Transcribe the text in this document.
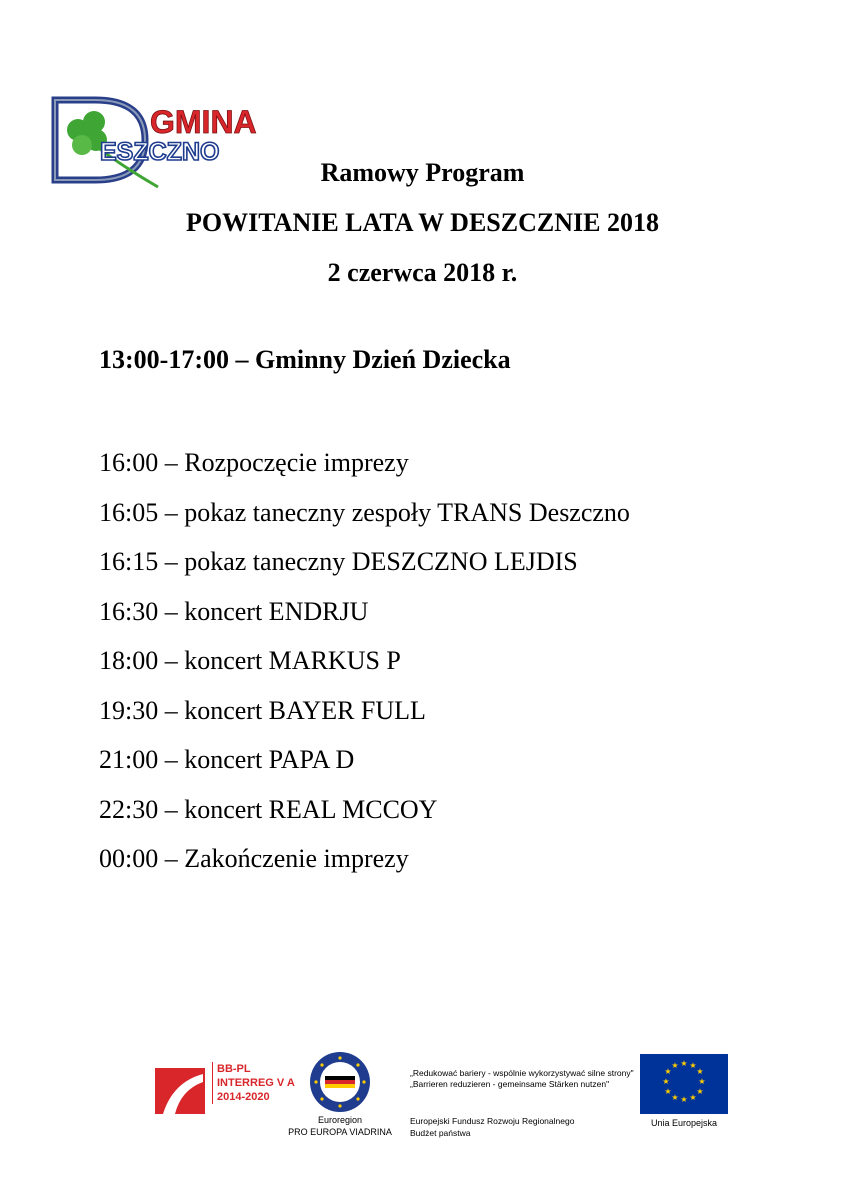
GMINA
ESZCZNO
Ramowy Program
POWITANIE LATA W DESZCZNIE 2018
2 czerwca 2018 r.
13:00-17:00 – Gminny Dzień Dziecka
16:00 – Rozpoczęcie imprezy
16:05 – pokaz taneczny zespoły TRANS Deszczno
16:15 – pokaz taneczny DESZCZNO LEJDIS
16:30 – koncert ENDRJU
18:00 – koncert MARKUS P
19:30 – koncert BAYER FULL
21:00 – koncert PAPA D
22:30 – koncert REAL MCCOY
00:00 – Zakończenie imprezy
BB-PL
INTERREG V A
2014-2020
Euroregion
PRO EUROPA VIADRINA
„Redukować bariery - wspólnie wykorzystywać silne strony"
„Barrieren reduzieren - gemeinsame Stärken nutzen"
Europejski Fundusz Rozwoju Regionalnego
Budżet państwa
★ ★
★
★
★
★
★
★
★
★
★
★
Unia Europejska
